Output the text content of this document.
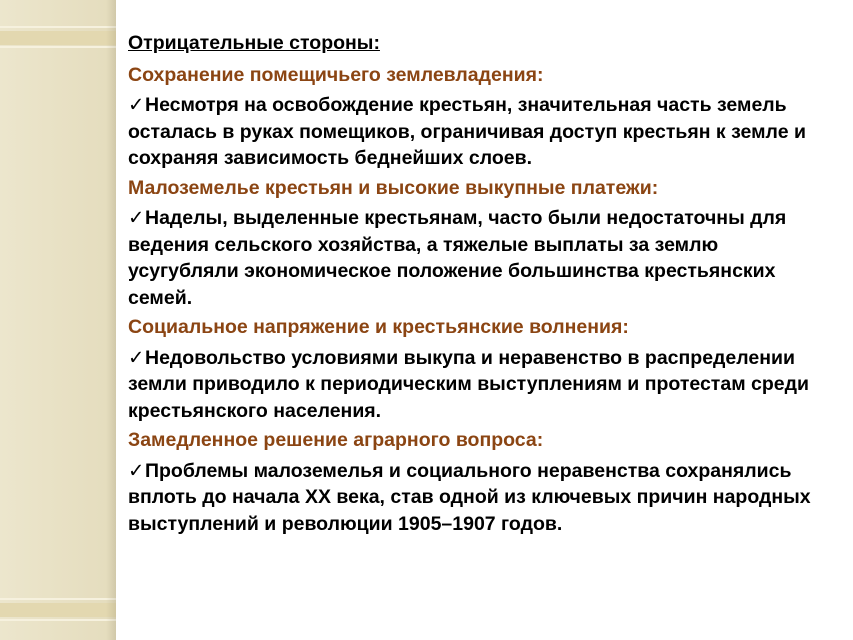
Отрицательные стороны:

Сохранение помещичьего землевладения:

✓Несмотря на освобождение крестьян, значительная часть земель осталась в руках помещиков, ограничивая доступ крестьян к земле и сохраняя зависимость беднейших слоев.

Малоземелье крестьян и высокие выкупные платежи:

✓Наделы, выделенные крестьянам, часто были недостаточны для ведения сельского хозяйства, а тяжелые выплаты за землю усугубляли экономическое положение большинства крестьянских семей.

Социальное напряжение и крестьянские волнения:

✓Недовольство условиями выкупа и неравенство в распределении земли приводило к периодическим выступлениям и протестам среди крестьянского населения.

Замедленное решение аграрного вопроса:

✓Проблемы малоземелья и социального неравенства сохранялись вплоть до начала XX века, став одной из ключевых причин народных выступлений и революции 1905–1907 годов.
